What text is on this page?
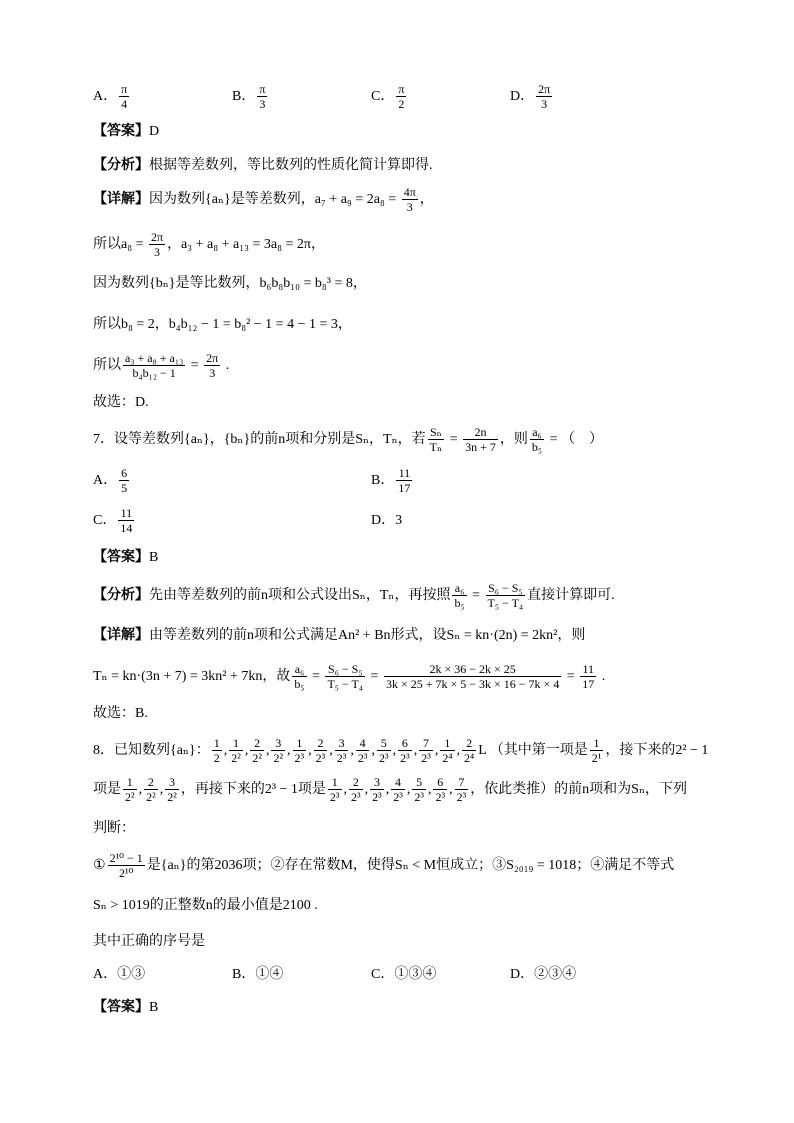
A． $\frac{\pi}{4}$	B． $\frac{\pi}{3}$	C． $\frac{\pi}{2}$	D． $\frac{2\pi}{3}$
【答案】D
【分析】根据等差数列，等比数列的性质化简计算即得.
【详解】因为数列{aₙ}是等差数列，$a_7 + a_9 = 2a_8 = \frac{4\pi}{3}$ ，
所以$a_8 = \frac{2\pi}{3}$ ，a₃ + a₈ + a₁₃ = 3a₈ = 2π，
因为数列{bₙ}是等比数列，b₆b₈b₁₀ = b₈³ = 8，
所以b₈ = 2，b₄b₁₂ − 1 = b₈² − 1 = 4 − 1 = 3，
所以 $\frac{\text{a₃ + a₈ + a₁₃}}{\text{b₄b₁₂ − 1}} = \frac{2\pi}{3}$ .
故选：D.
7．设等差数列{aₙ}，{bₙ}的前n项和分别是Sₙ，Tₙ，若 $\frac{\text{Sₙ}}{\text{Tₙ}} = \frac{2n}{3n + 7}$ ，则 $\frac{\text{a₆}}{\text{b₅}}$ = （　）
A． $\frac{6}{5}$	B． $\frac{11}{17}$
C． $\frac{11}{14}$	D．3
【答案】B
【分析】先由等差数列的前n项和公式设出Sₙ，Tₙ，再按照 $\frac{\text{a₆}}{\text{b₅}} = \frac{\text{S₆ − S₅}}{\text{T₅ − T₄}}$ 直接计算即可.
【详解】由等差数列的前n项和公式满足An² + Bn形式，设Sₙ = kn·(2n) = 2kn²，则
Tₙ = kn·(3n + 7) = 3kn² + 7kn，故 $\frac{\text{a₆}}{\text{b₅}} = \frac{\text{S₆ − S₅}}{\text{T₅ − T₄}} = \frac{2k \times 36 - 2k \times 25}{3k \times 25 + 7k \times 5 - 3k \times 16 - 7k \times 4} = \frac{11}{17}$ .
故选：B.
8．已知数列{aₙ}： $\frac{1}{2}$ , $\frac{1}{\text{2²}}$ , $\frac{2}{\text{2²}}$ , $\frac{3}{\text{2²}}$ , $\frac{1}{\text{2³}}$ , $\frac{2}{\text{2³}}$ , $\frac{3}{\text{2³}}$ , $\frac{4}{\text{2³}}$ , $\frac{5}{\text{2³}}$ , $\frac{6}{\text{2³}}$ , $\frac{7}{\text{2³}}$ , $\frac{1}{\text{2⁴}}$ , $\frac{2}{\text{2⁴}}$ L （其中第一项是 $\frac{1}{\text{2¹}}$ ，接下来的2² − 1
项是 $\frac{1}{\text{2²}}$ , $\frac{2}{\text{2²}}$ , $\frac{3}{\text{2²}}$ ，再接下来的2³ − 1项是 $\frac{1}{\text{2³}}$ , $\frac{2}{\text{2³}}$ , $\frac{3}{\text{2³}}$ , $\frac{4}{\text{2³}}$ , $\frac{5}{\text{2³}}$ , $\frac{6}{\text{2³}}$ , $\frac{7}{\text{2³}}$ ，依此类推）的前n项和为Sₙ，下列
判断：
① $\frac{\text{2¹⁰ − 1}}{\text{2¹⁰}}$ 是{aₙ}的第2036项；②存在常数M，使得Sₙ < M恒成立；③S₂₀₁₉ = 1018；④满足不等式
Sₙ > 1019的正整数n的最小值是2100 .
其中正确的序号是
A．①③	B．①④	C．①③④	D．②③④
【答案】B
